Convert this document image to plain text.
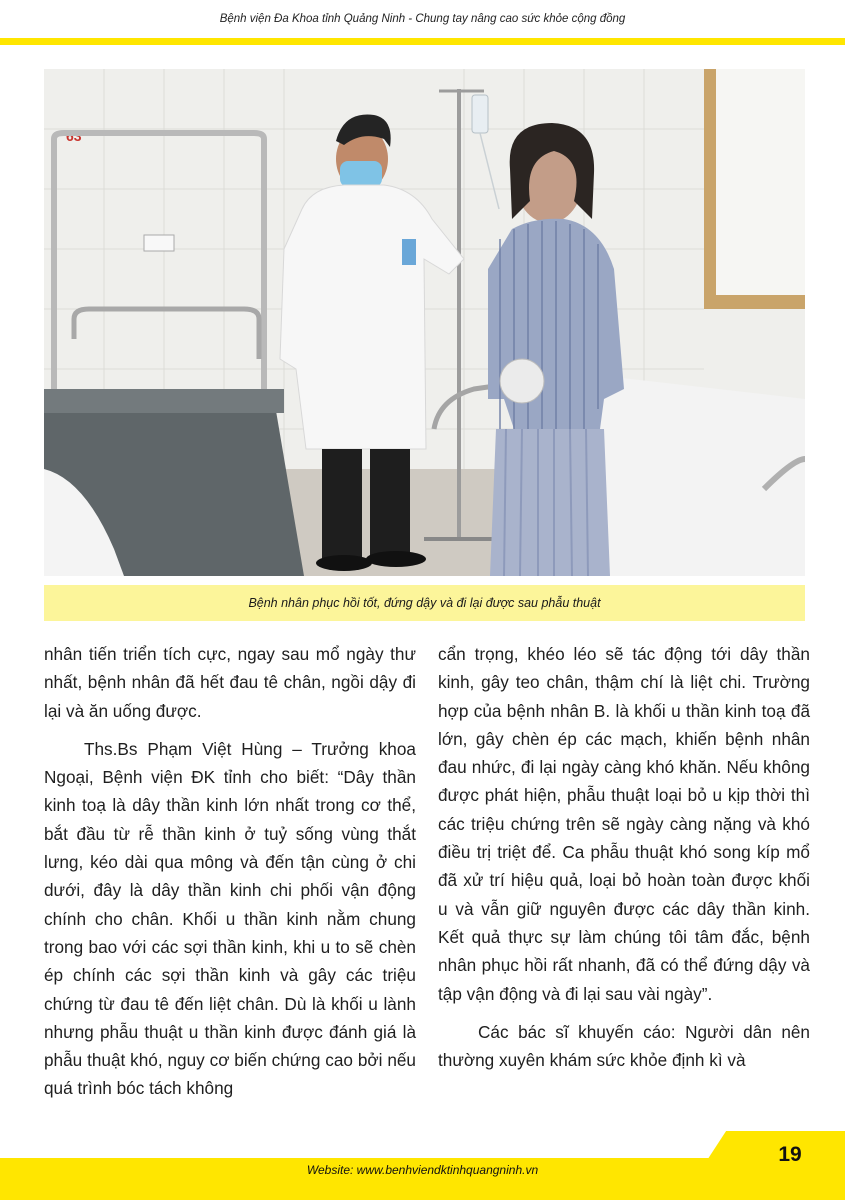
Bệnh viện Đa Khoa tỉnh Quảng Ninh - Chung tay nâng cao sức khỏe cộng đồng
63
Bệnh nhân phục hồi tốt, đứng dậy và đi lại được sau phẫu thuật

nhân tiến triển tích cực, ngay sau mổ ngày thư nhất, bệnh nhân đã hết đau tê chân, ngồi dậy đi lại và ăn uống được.

Ths.Bs Phạm Việt Hùng – Trưởng khoa Ngoại, Bệnh viện ĐK tỉnh cho biết: “Dây thần kinh toạ là dây thần kinh lớn nhất trong cơ thể, bắt đầu từ rễ thần kinh ở tuỷ sống vùng thắt lưng, kéo dài qua mông và đến tận cùng ở chi dưới, đây là dây thần kinh chi phối vận động chính cho chân. Khối u thần kinh nằm chung trong bao với các sợi thần kinh, khi u to sẽ chèn ép chính các sợi thần kinh và gây các triệu chứng từ đau tê đến liệt chân. Dù là khối u lành nhưng phẫu thuật u thần kinh được đánh giá là phẫu thuật khó, nguy cơ biến chứng cao bởi nếu quá trình bóc tách không

cẩn trọng, khéo léo sẽ tác động tới dây thần kinh, gây teo chân, thậm chí là liệt chi. Trường hợp của bệnh nhân B. là khối u thần kinh toạ đã lớn, gây chèn ép các mạch, khiến bệnh nhân đau nhức, đi lại ngày càng khó khăn. Nếu không được phát hiện, phẫu thuật loại bỏ u kịp thời thì các triệu chứng trên sẽ ngày càng nặng và khó điều trị triệt để. Ca phẫu thuật khó song kíp mổ đã xử trí hiệu quả, loại bỏ hoàn toàn được khối u và vẫn giữ nguyên được các dây thần kinh. Kết quả thực sự làm chúng tôi tâm đắc, bệnh nhân phục hồi rất nhanh, đã có thể đứng dậy và tập vận động và đi lại sau vài ngày”.

Các bác sĩ khuyến cáo: Người dân nên thường xuyên khám sức khỏe định kì và

19
Website: www.benhviendktinhquangninh.vn
